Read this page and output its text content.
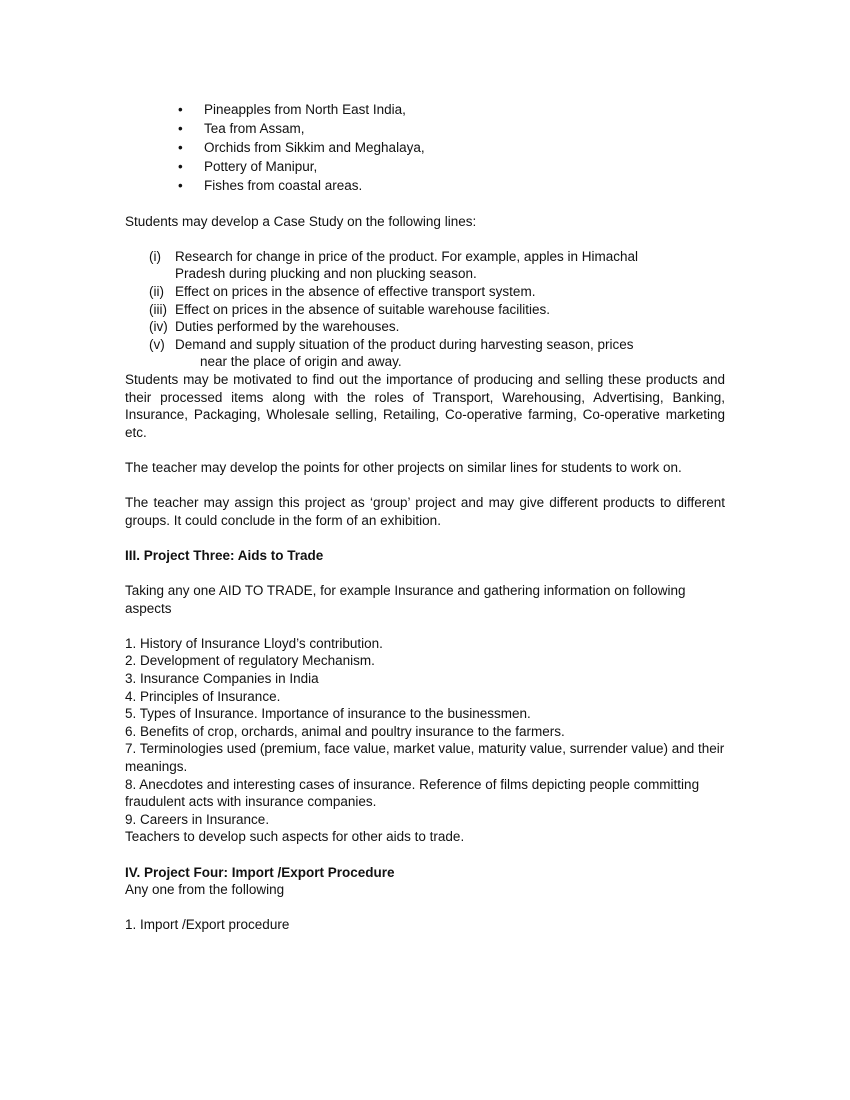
• Pineapples from North East India,
• Tea from Assam,
• Orchids from Sikkim and Meghalaya,
• Pottery of Manipur,
• Fishes from coastal areas.

Students may develop a Case Study on the following lines:

(i) Research for change in price of the product. For example, apples in Himachal
Pradesh during plucking and non plucking season.
(ii) Effect on prices in the absence of effective transport system.
(iii) Effect on prices in the absence of suitable warehouse facilities.
(iv) Duties performed by the warehouses.
(v) Demand and supply situation of the product during harvesting season, prices
near the place of origin and away.

Students may be motivated to find out the importance of producing and selling these products and their processed items along with the roles of Transport, Warehousing, Advertising, Banking, Insurance, Packaging, Wholesale selling, Retailing, Co-operative farming, Co-operative marketing etc.

The teacher may develop the points for other projects on similar lines for students to work on.

The teacher may assign this project as ‘group’ project and may give different products to different groups. It could conclude in the form of an exhibition.

III. Project Three: Aids to Trade

Taking any one AID TO TRADE, for example Insurance and gathering information on following aspects

1. History of Insurance Lloyd’s contribution.
2. Development of regulatory Mechanism.
3. Insurance Companies in India
4. Principles of Insurance.
5. Types of Insurance. Importance of insurance to the businessmen.
6. Benefits of crop, orchards, animal and poultry insurance to the farmers.
7. Terminologies used (premium, face value, market value, maturity value, surrender value) and their meanings.
8. Anecdotes and interesting cases of insurance. Reference of films depicting people committing fraudulent acts with insurance companies.
9. Careers in Insurance.

Teachers to develop such aspects for other aids to trade.

IV. Project Four: Import /Export Procedure

Any one from the following

1. Import /Export procedure
